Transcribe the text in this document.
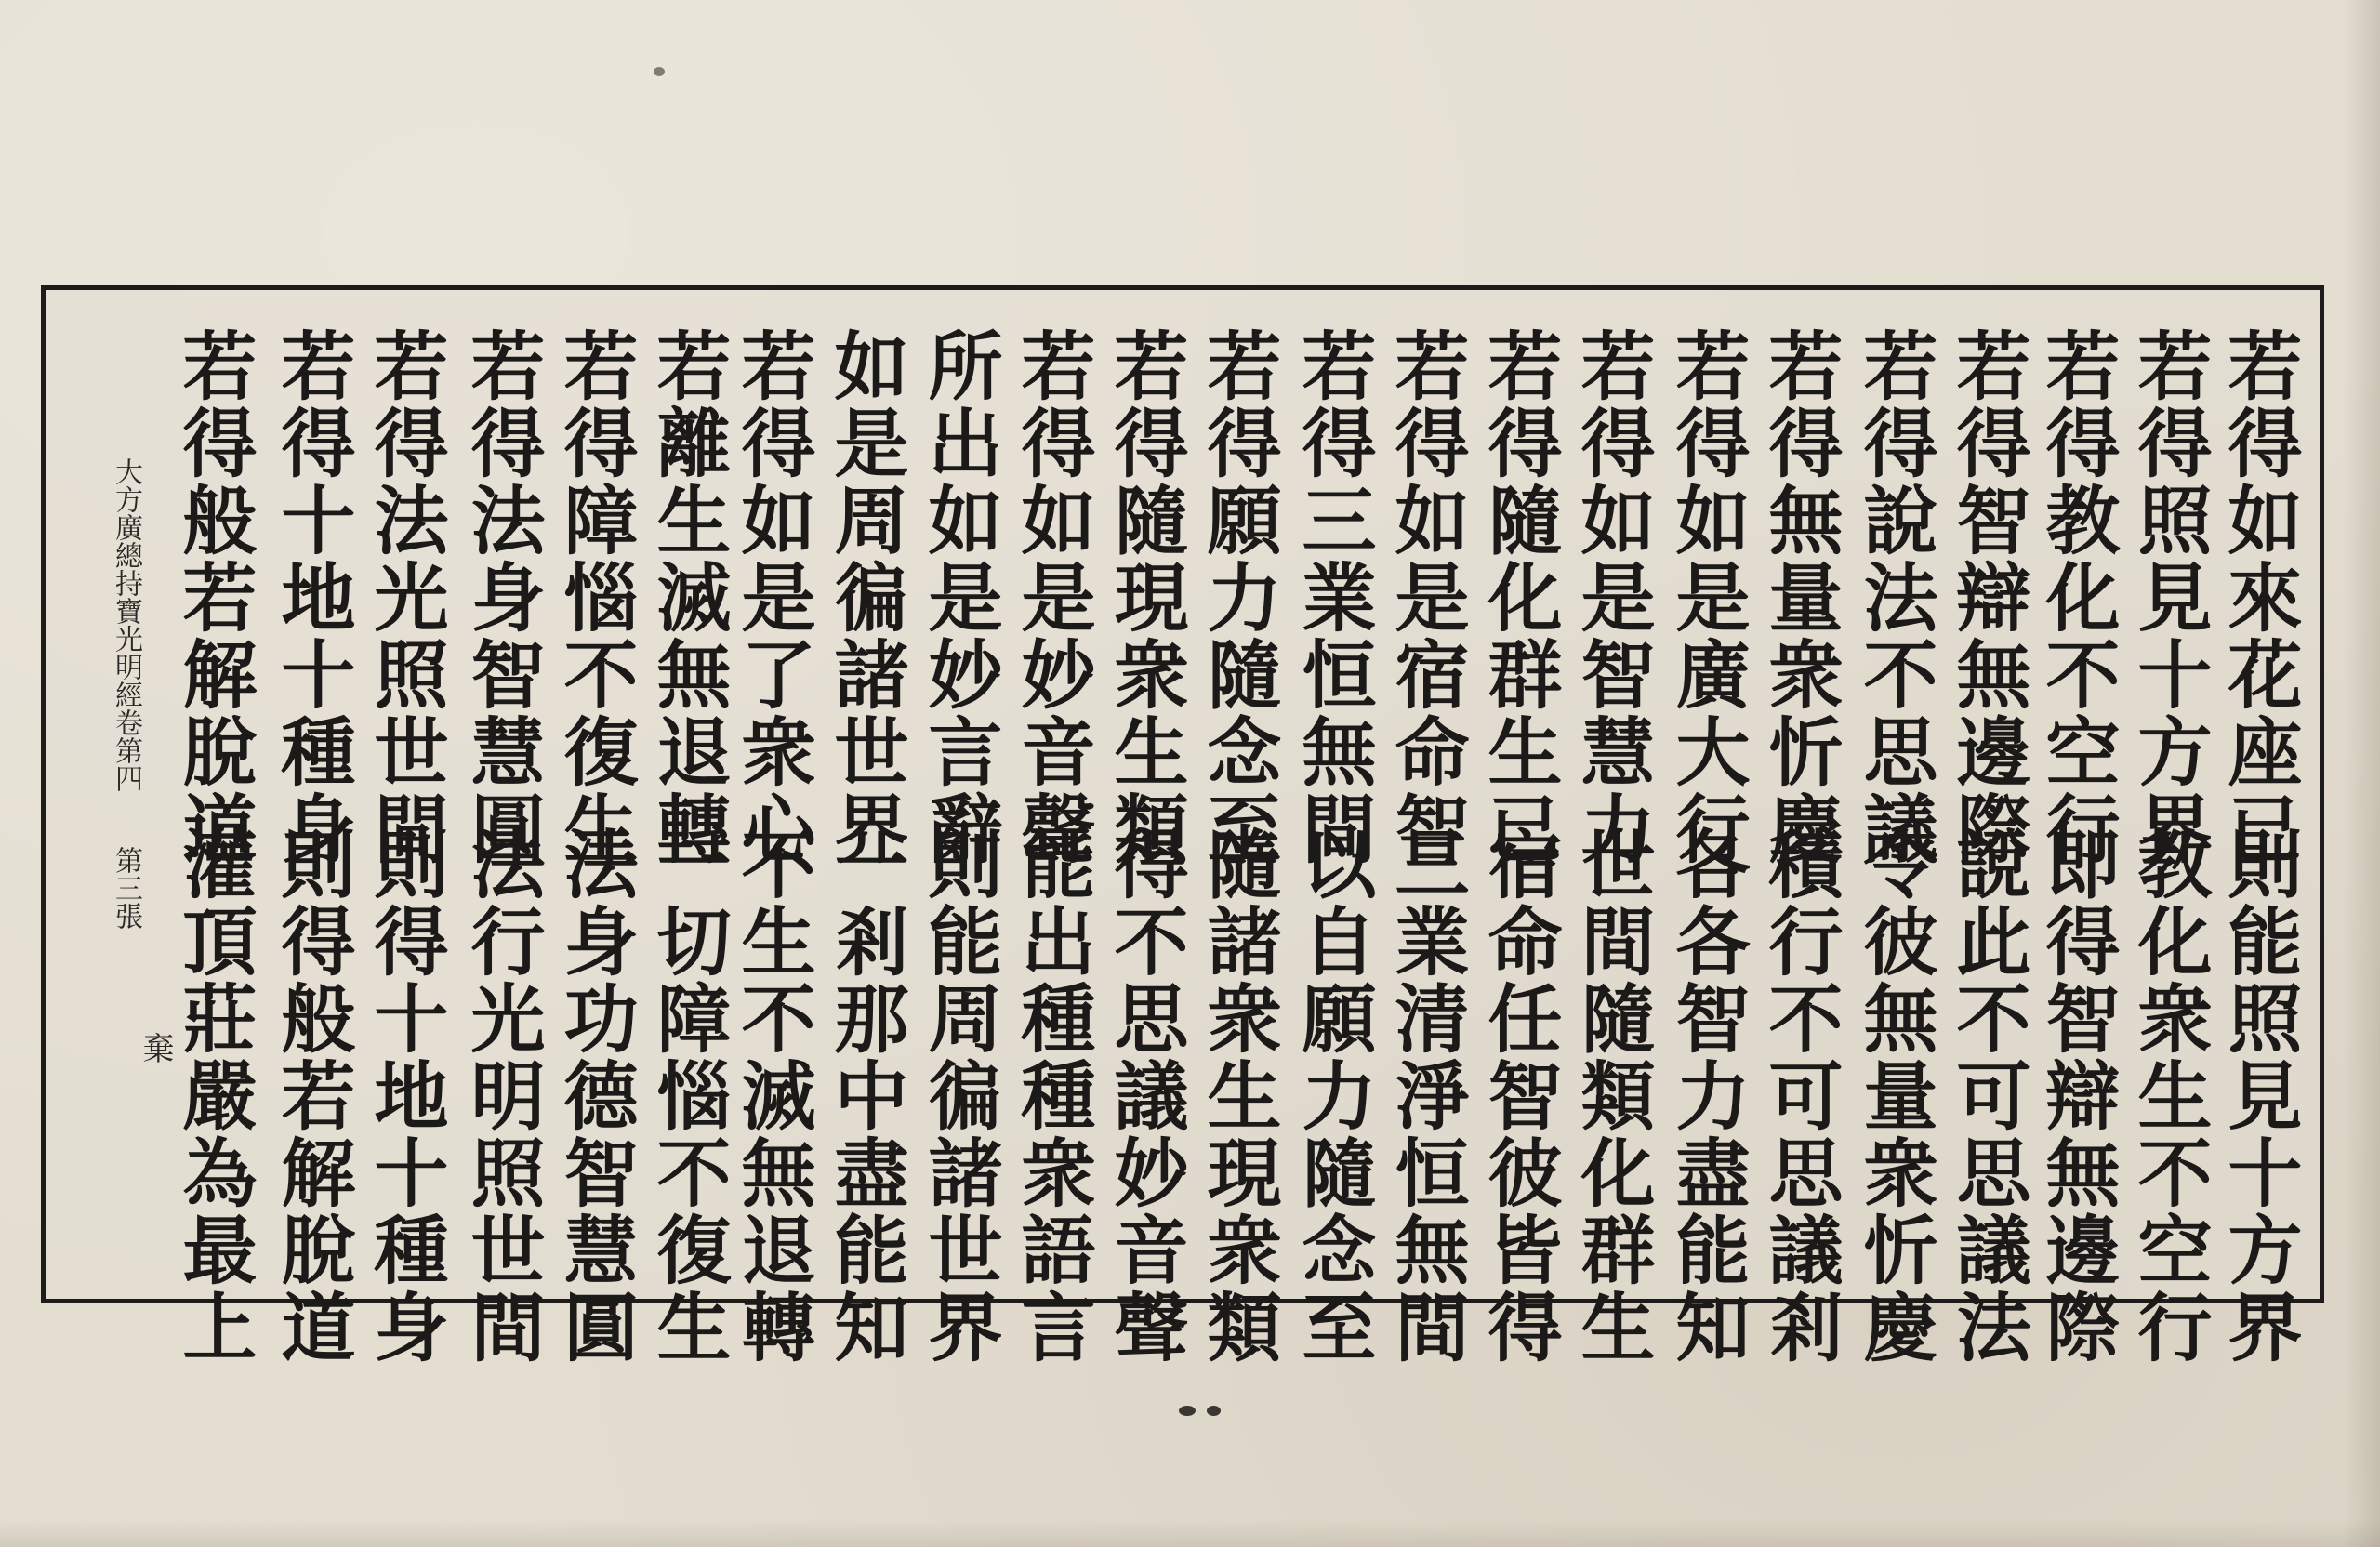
若得如來花座已
若得照見十方界
若得教化不空行
若得智辯無邊際
若得說法不思議
若得無量衆忻慶
若得如是廣大行
若得如是智慧力
若得隨化群生已
若得如是宿命智
若得三業恒無間
若得願力隨念至
若得隨現衆生類
若得如是妙音聲
所出如是妙言辭
如是周徧諸世界
若得如是了衆心
若離生滅無退轉
若得障惱不復生
若得法身智慧圓
若得法光照世間
若得十地十種身
若得般若解脫道
則能照見十方界
教化衆生不空行
即得智辯無邊際
說此不可思議法
令彼無量衆忻慶
積行不可思議剎
各各智力盡能知
世間隨類化群生
宿命任智彼皆得
三業清淨恒無間
以自願力隨念至
隨諸衆生現衆類
得不思議妙音聲
能出種種衆語言
則能周徧諸世界
一剎那中盡能知
不生不滅無退轉
一切障惱不復生
法身功德智慧圓
法行光明照世間
則得十地十種身
則得般若解脫道
灌頂莊嚴為最上
大方廣總持寶光明經卷第四
第三張
棄
